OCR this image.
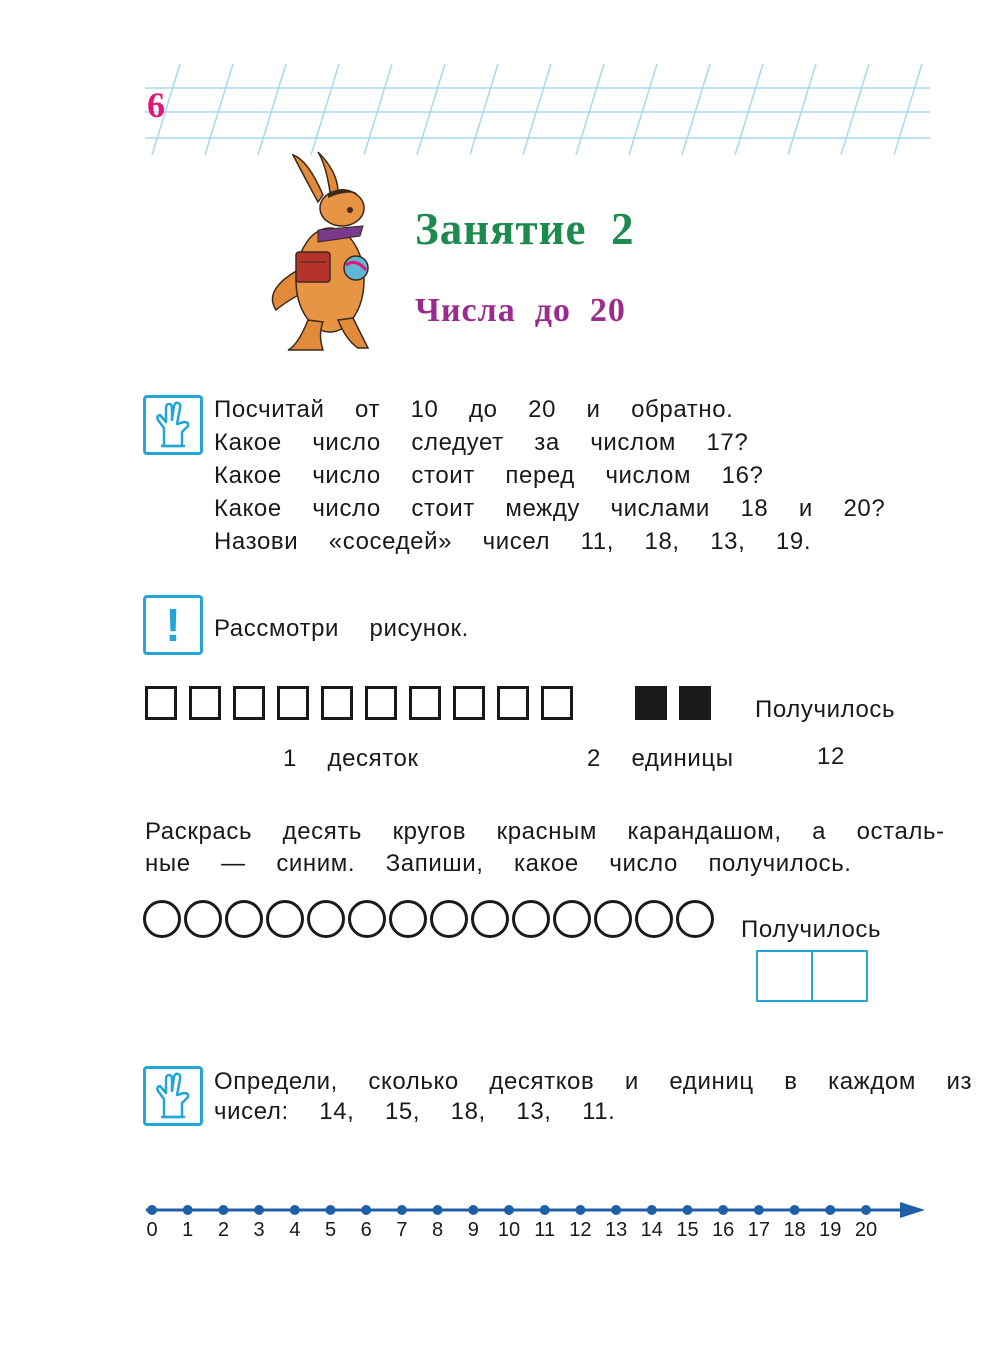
6
Занятие  2
Числа  до  20
Посчитай  от  10  до  20  и  обратно.
Какое  число  следует  за  числом  17?
Какое  число  стоит  перед  числом  16?
Какое  число  стоит  между  числами  18  и  20?
Назови  «соседей»  чисел  11,  18,  13,  19.
! Рассмотри  рисунок.
Получилось
1  десяток	2  единицы	12
Раскрась  десять  кругов  красным  карандашом,  а  осталь-
ные  —  синим.  Запиши,  какое  число  получилось.
Получилось
Определи,  сколько  десятков  и  единиц  в  каждом  из
чисел:  14,  15,  18,  13,  11.
0 1 2 3 4 5 6 7 8 9 10 11 12 13 14 15 16 17 18 19 20
